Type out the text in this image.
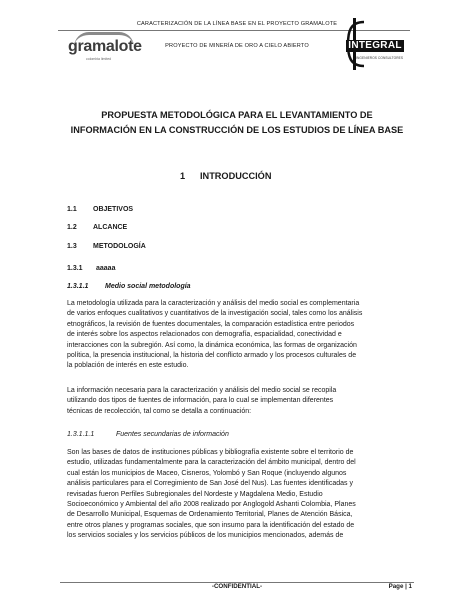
CARACTERIZACIÓN DE LA LÍNEA BASE EN EL PROYECTO GRAMALOTE
PROYECTO DE MINERÍA DE ORO A CIELO ABIERTO
gramalote
colombia limited
INTEGRAL
INGENIEROS CONSULTORES
PROPUESTA METODOLÓGICA PARA EL LEVANTAMIENTO DE
INFORMACIÓN EN LA CONSTRUCCIÓN DE LOS ESTUDIOS DE LÍNEA BASE
1 INTRODUCCIÓN
1.1 OBJETIVOS
1.2 ALCANCE
1.3 METODOLOGÍA
1.3.1 aaaaa
1.3.1.1 Medio social metodología
La metodología utilizada para la caracterización y análisis del medio social es complementaria
de varios enfoques cualitativos y cuantitativos de la investigación social, tales como los análisis
etnográficos, la revisión de fuentes documentales, la comparación estadística entre periodos
de interés sobre los aspectos relacionados con demografía, espacialidad, conectividad e
interacciones con la subregión. Así como, la dinámica económica, las formas de organización
política, la presencia institucional, la historia del conflicto armado y los procesos culturales de
la población de interés en este estudio.
La información necesaria para la caracterización y análisis del medio social se recopila
utilizando dos tipos de fuentes de información, para lo cual se implementan diferentes
técnicas de recolección, tal como se detalla a continuación:
1.3.1.1.1	Fuentes secundarias de información
Son las bases de datos de instituciones públicas y bibliografía existente sobre el territorio de
estudio, utilizadas fundamentalmente para la caracterización del ámbito municipal, dentro del
cual están los municipios de Maceo, Cisneros, Yolombó y San Roque (incluyendo algunos
análisis particulares para el Corregimiento de San José del Nus). Las fuentes identificadas y
revisadas fueron Perfiles Subregionales del Nordeste y Magdalena Medio, Estudio
Socioeconómico y Ambiental del año 2008 realizado por Anglogold Ashanti Colombia, Planes
de Desarrollo Municipal, Esquemas de Ordenamiento Territorial, Planes de Atención Básica,
entre otros planes y programas sociales, que son insumo para la identificación del estado de
los servicios sociales y los servicios públicos de los municipios mencionados, además de
-CONFIDENTIAL-	Page | 1
